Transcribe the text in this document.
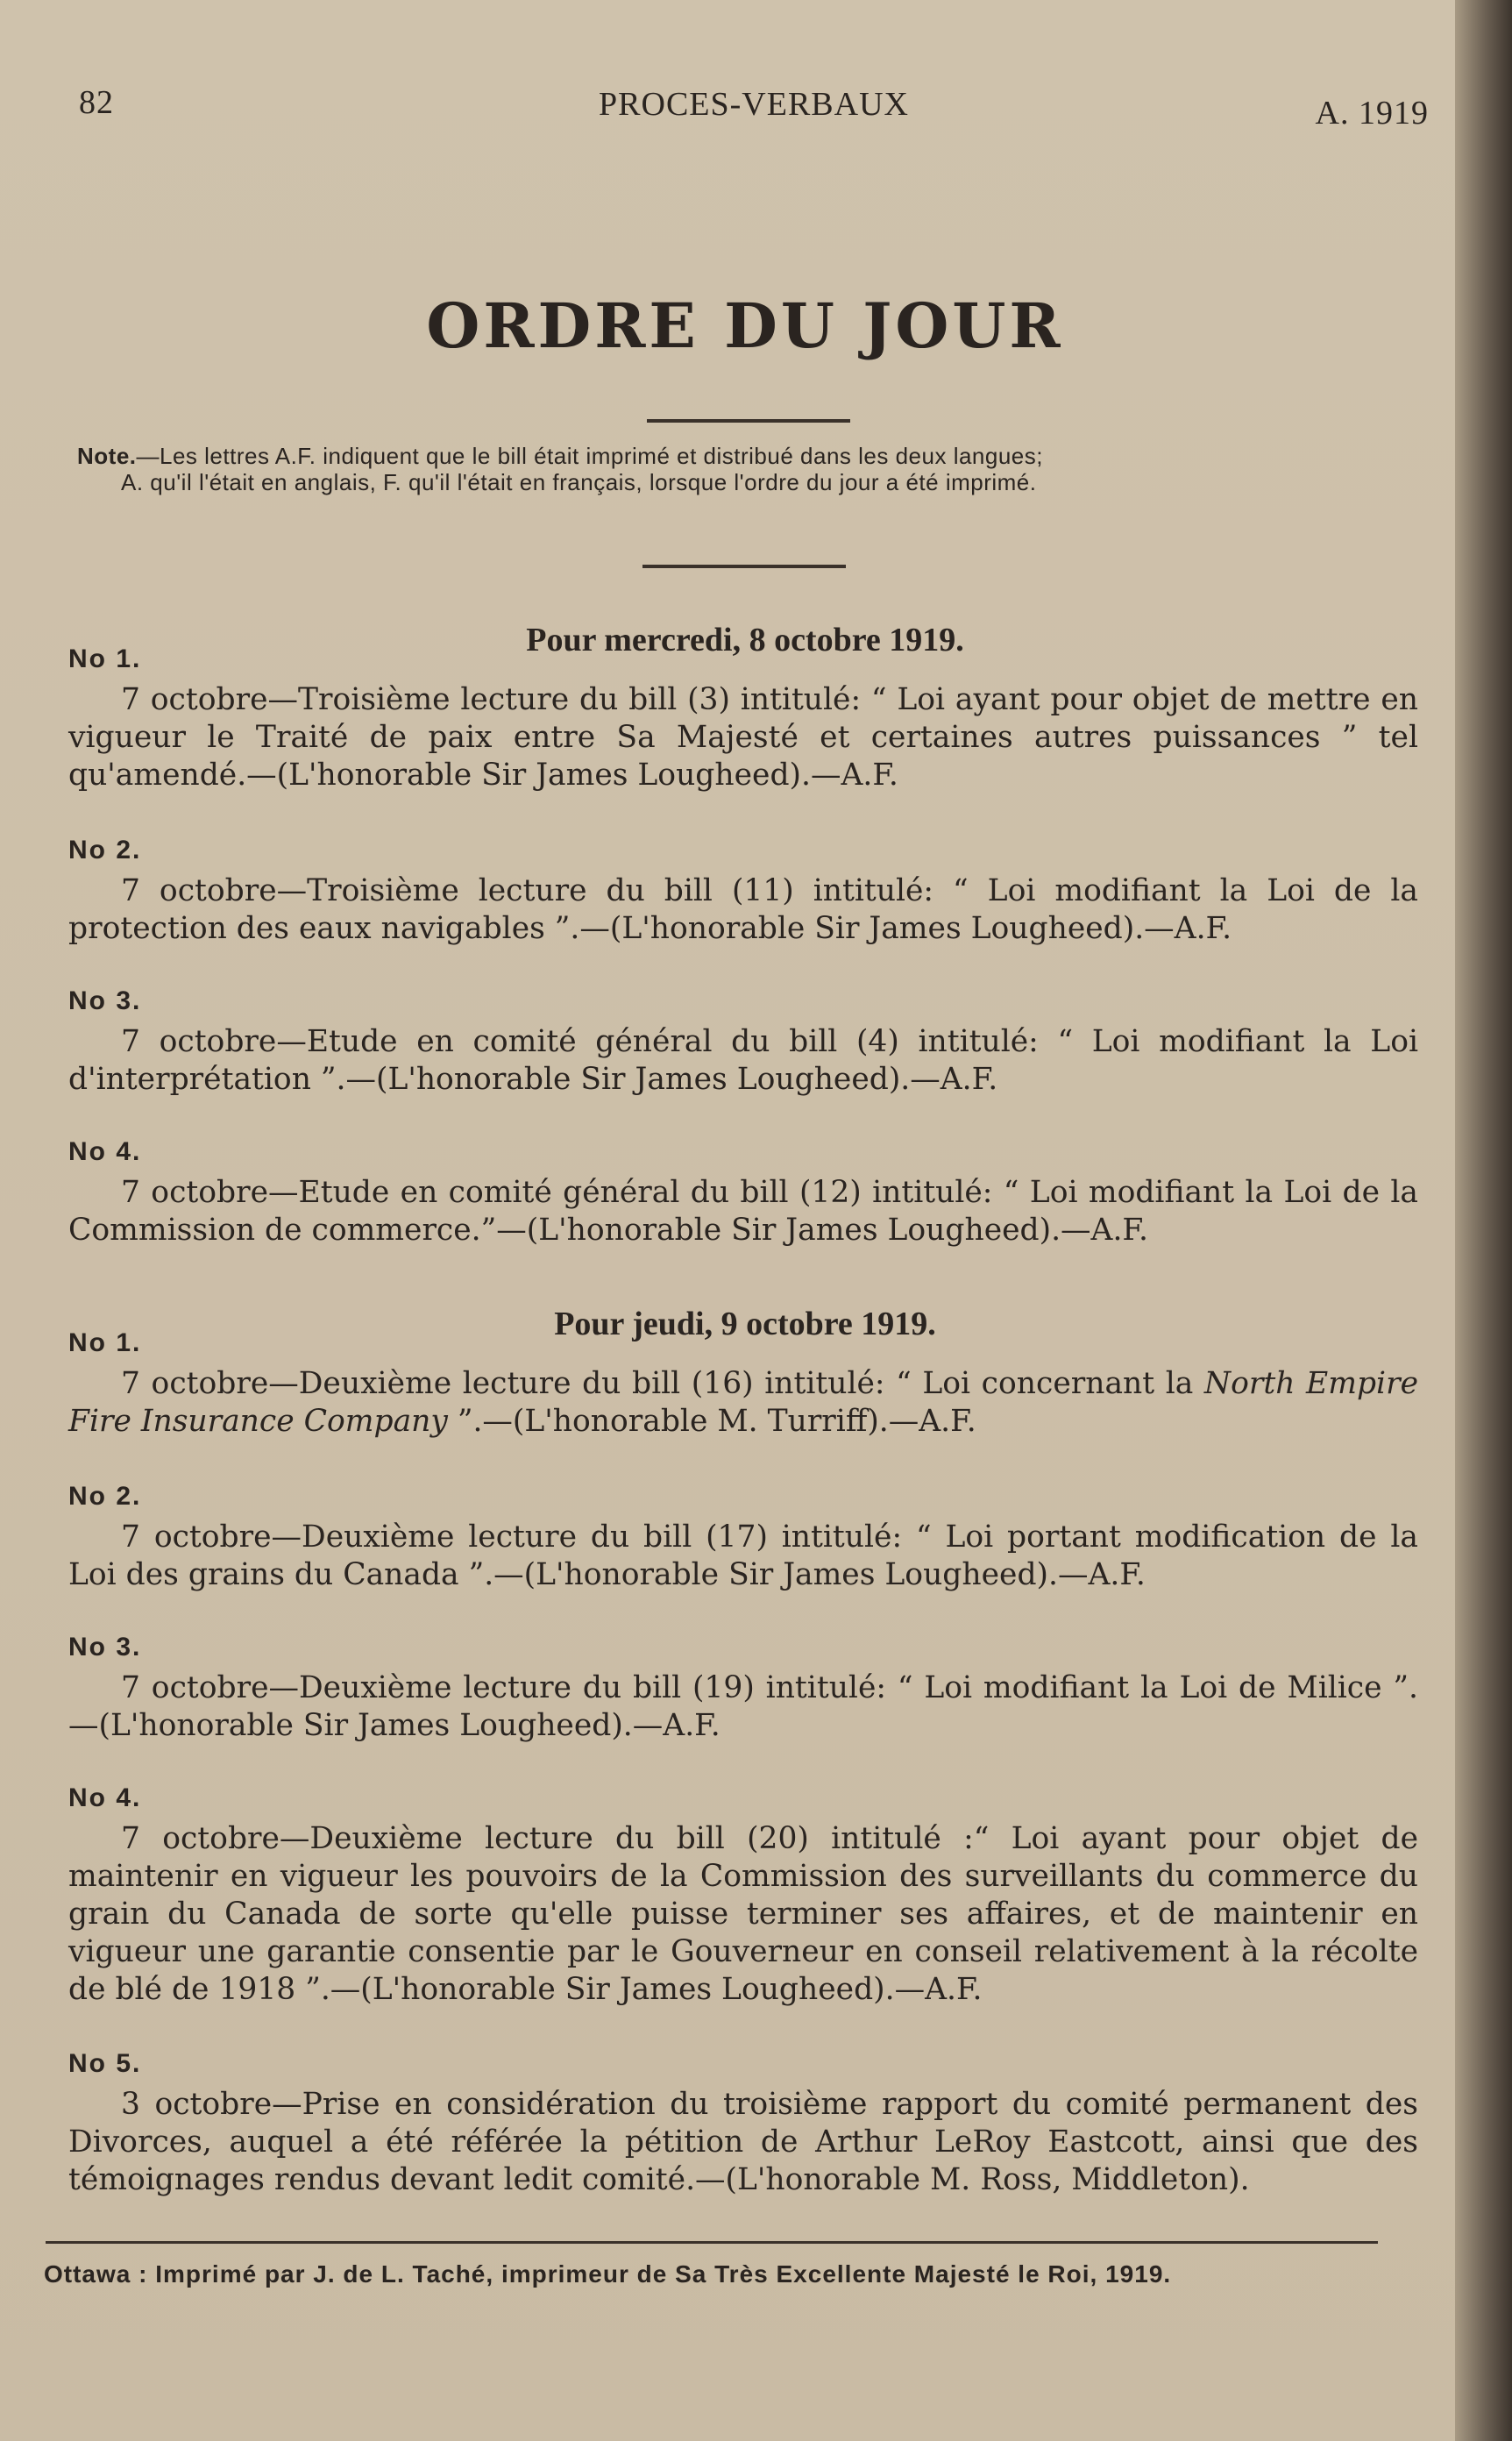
82	PROCES-VERBAUX	A. 1919
ORDRE DU JOUR
Note.—Les lettres A.F. indiquent que le bill était imprimé et distribué dans les deux langues;
A. qu'il l'était en anglais, F. qu'il l'était en français, lorsque l'ordre du jour a été imprimé.
Pour mercredi, 8 octobre 1919.
No 1.
7 octobre—Troisième lecture du bill (3) intitulé: “ Loi ayant pour objet de mettre en vigueur le Traité de paix entre Sa Majesté et certaines autres puissances ” tel qu'amendé.—(L'honorable Sir James Lougheed).—A.F.
No 2.
7 octobre—Troisième lecture du bill (11) intitulé: “ Loi modifiant la Loi de la protection des eaux navigables ”.—(L'honorable Sir James Lougheed).—A.F.
No 3.
7 octobre—Etude en comité général du bill (4) intitulé: “ Loi modifiant la Loi d'interprétation ”.—(L'honorable Sir James Lougheed).—A.F.
No 4.
7 octobre—Etude en comité général du bill (12) intitulé: “ Loi modifiant la Loi de la Commission de commerce.”—(L'honorable Sir James Lougheed).—A.F.
Pour jeudi, 9 octobre 1919.
No 1.
7 octobre—Deuxième lecture du bill (16) intitulé: “ Loi concernant la North Empire Fire Insurance Company ”.—(L'honorable M. Turriff).—A.F.
No 2.
7 octobre—Deuxième lecture du bill (17) intitulé: “ Loi portant modification de la Loi des grains du Canada ”.—(L'honorable Sir James Lougheed).—A.F.
No 3.
7 octobre—Deuxième lecture du bill (19) intitulé: “ Loi modifiant la Loi de Milice ”.—(L'honorable Sir James Lougheed).—A.F.
No 4.
7 octobre—Deuxième lecture du bill (20) intitulé :“ Loi ayant pour objet de maintenir en vigueur les pouvoirs de la Commission des surveillants du commerce du grain du Canada de sorte qu'elle puisse terminer ses affaires, et de maintenir en vigueur une garantie consentie par le Gouverneur en conseil relativement à la récolte de blé de 1918 ”.—(L'honorable Sir James Lougheed).—A.F.
No 5.
3 octobre—Prise en considération du troisième rapport du comité permanent des Divorces, auquel a été référée la pétition de Arthur LeRoy Eastcott, ainsi que des témoignages rendus devant ledit comité.—(L'honorable M. Ross, Middleton).
Ottawa : Imprimé par J. de L. Taché, imprimeur de Sa Très Excellente Majesté le Roi, 1919.
